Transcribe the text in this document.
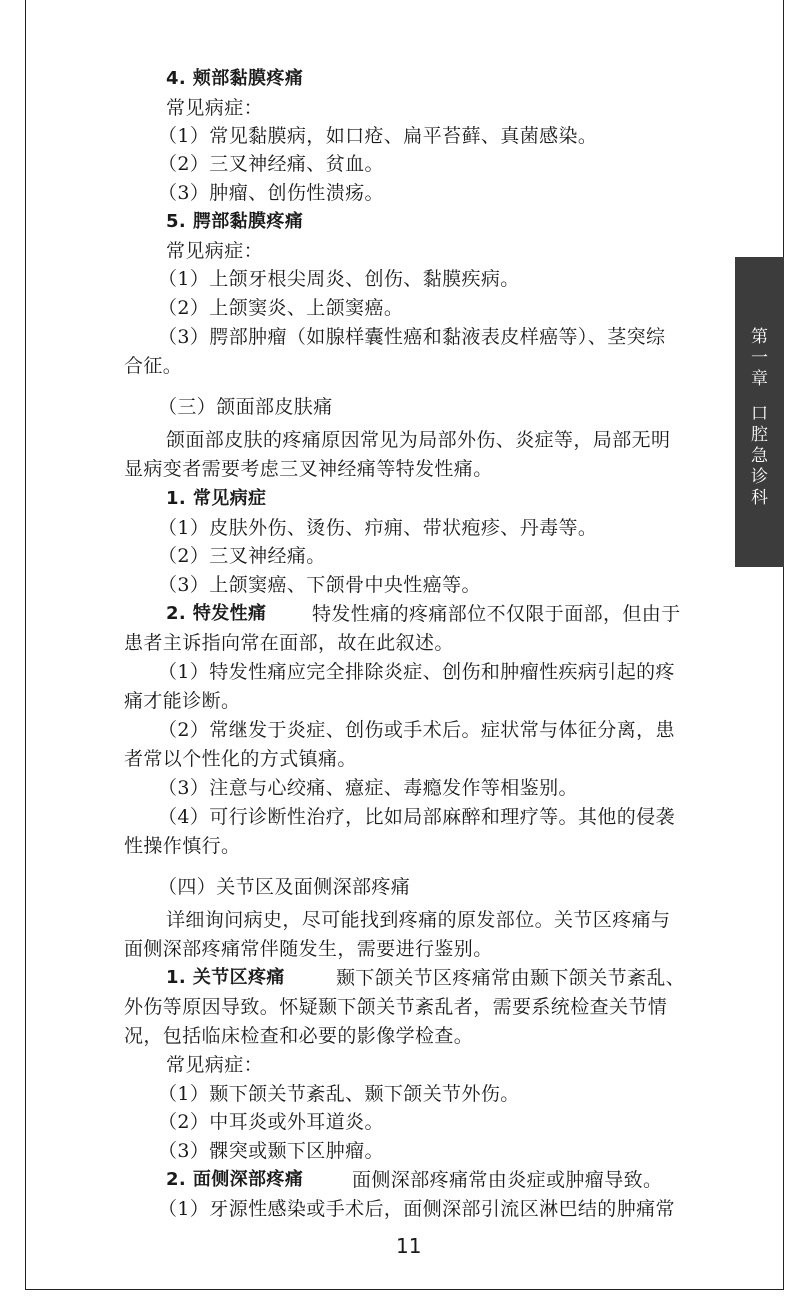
第
一
章
口
腔
急
诊
科
4. 颊部黏膜疼痛
常见病症：
（1）常见黏膜病，如口疮、扁平苔藓、真菌感染。
（2）三叉神经痛、贫血。
（3）肿瘤、创伤性溃疡。
5. 腭部黏膜疼痛
常见病症：
（1）上颌牙根尖周炎、创伤、黏膜疾病。
（2）上颌窦炎、上颌窦癌。
（3）腭部肿瘤（如腺样囊性癌和黏液表皮样癌等）、茎突综
合征。
（三）颌面部皮肤痛
颌面部皮肤的疼痛原因常见为局部外伤、炎症等，局部无明
显病变者需要考虑三叉神经痛等特发性痛。
1. 常见病症
（1）皮肤外伤、烫伤、疖痈、带状疱疹、丹毒等。
（2）三叉神经痛。
（3）上颌窦癌、下颌骨中央性癌等。
2. 特发性痛 特发性痛的疼痛部位不仅限于面部，但由于
患者主诉指向常在面部，故在此叙述。
（1）特发性痛应完全排除炎症、创伤和肿瘤性疾病引起的疼
痛才能诊断。
（2）常继发于炎症、创伤或手术后。症状常与体征分离，患
者常以个性化的方式镇痛。
（3）注意与心绞痛、癔症、毒瘾发作等相鉴别。
（4）可行诊断性治疗，比如局部麻醉和理疗等。其他的侵袭
性操作慎行。
（四）关节区及面侧深部疼痛
详细询问病史，尽可能找到疼痛的原发部位。关节区疼痛与
面侧深部疼痛常伴随发生，需要进行鉴别。
1. 关节区疼痛	颞下颌关节区疼痛常由颞下颌关节紊乱、
外伤等原因导致。怀疑颞下颌关节紊乱者，需要系统检查关节情
况，包括临床检查和必要的影像学检查。
常见病症：
（1）颞下颌关节紊乱、颞下颌关节外伤。
（2）中耳炎或外耳道炎。
（3）髁突或颞下区肿瘤。
2. 面侧深部疼痛	面侧深部疼痛常由炎症或肿瘤导致。
（1）牙源性感染或手术后，面侧深部引流区淋巴结的肿痛常
11
